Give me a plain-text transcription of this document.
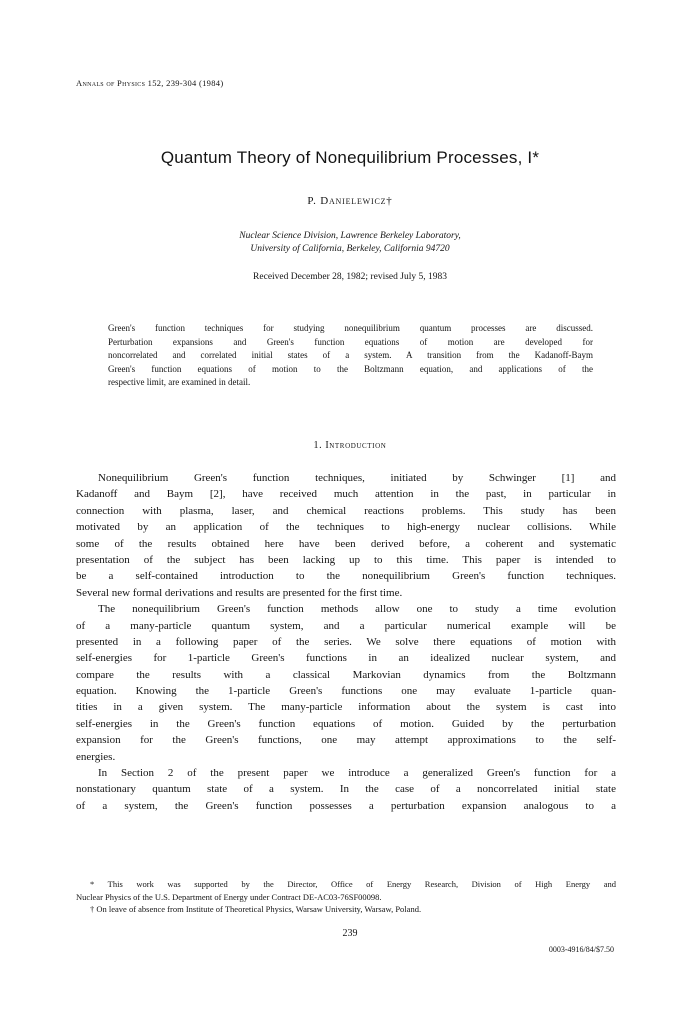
Annals of Physics 152, 239-304 (1984)
Quantum Theory of Nonequilibrium Processes, I*
P. Danielewicz†
Nuclear Science Division, Lawrence Berkeley Laboratory,
University of California, Berkeley, California 94720
Received December 28, 1982; revised July 5, 1983
Green's function techniques for studying nonequilibrium quantum processes are discussed.
Perturbation expansions and Green's function equations of motion are developed for
noncorrelated and correlated initial states of a system. A transition from the Kadanoff-Baym
Green's function equations of motion to the Boltzmann equation, and applications of the
respective limit, are examined in detail.
1. Introduction
Nonequilibrium Green's function techniques, initiated by Schwinger [1] and
Kadanoff and Baym [2], have received much attention in the past, in particular in
connection with plasma, laser, and chemical reactions problems. This study has been
motivated by an application of the techniques to high-energy nuclear collisions. While
some of the results obtained here have been derived before, a coherent and systematic
presentation of the subject has been lacking up to this time. This paper is intended to
be a self-contained introduction to the nonequilibrium Green's function techniques.
Several new formal derivations and results are presented for the first time.
The nonequilibrium Green's function methods allow one to study a time evolution
of a many-particle quantum system, and a particular numerical example will be
presented in a following paper of the series. We solve there equations of motion with
self-energies for 1-particle Green's functions in an idealized nuclear system, and
compare the results with a classical Markovian dynamics from the Boltzmann
equation. Knowing the 1-particle Green's functions one may evaluate 1-particle quan-
tities in a given system. The many-particle information about the system is cast into
self-energies in the Green's function equations of motion. Guided by the perturbation
expansion for the Green's functions, one may attempt approximations to the self-
energies.
In Section 2 of the present paper we introduce a generalized Green's function for a
nonstationary quantum state of a system. In the case of a noncorrelated initial state
of a system, the Green's function possesses a perturbation expansion analogous to a
* This work was supported by the Director, Office of Energy Research, Division of High Energy and
Nuclear Physics of the U.S. Department of Energy under Contract DE-AC03-76SF00098.
† On leave of absence from Institute of Theoretical Physics, Warsaw University, Warsaw, Poland.
239
0003-4916/84/$7.50
